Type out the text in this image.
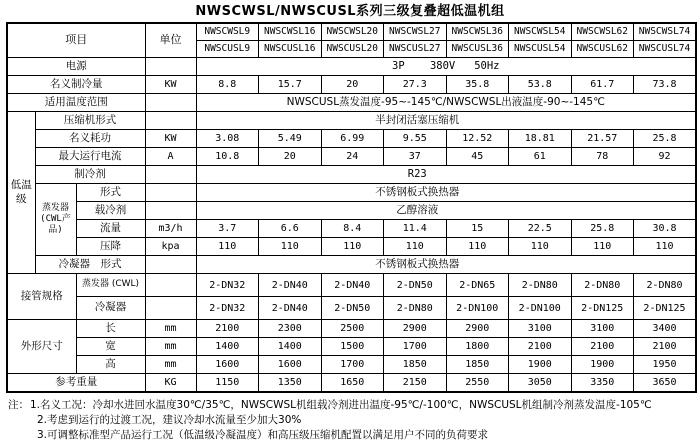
NWSCWSL/NWSCUSL系列三级复叠超低温机组
项目			单位	NWSCWSL9	NWSCWSL16	NWSCWSL20	NWSCWSL27	NWSCWSL36	NWSCWSL54	NWSCWSL62	NWSCWSL74
				NWSCUSL9	NWSCUSL16	NWSCUSL20	NWSCUSL27	NWSCUSL36	NWSCUSL54	NWSCUSL62	NWSCUSL74
电源				3P    380V   50Hz							
名义制冷量			KW	8.8	15.7	20	27.3	35.8	53.8	61.7	73.8
适用温度范围				NWSCUSL蒸发温度-95~-145℃/NWSCWSL出液温度-90~-145℃							
低温级	压缩机形式			半封闭活塞压缩机							
	名义耗功		KW	3.08	5.49	6.99	9.55	12.52	18.81	21.57	25.8
	最大运行电流		A	10.8	20	24	37	45	61	78	92
	制冷剂			R23							
	蒸发器 (CWL产品)	形式		不锈钢板式换热器							
		载冷剂		乙醇溶液							
		流量	m3/h	3.7	6.6	8.4	11.4	15	22.5	25.8	30.8
		压降	kpa	110	110	110	110	110	110	110	110
	冷凝器　形式			不锈钢板式换热器							
接管规格		蒸发器 (CWL)		2-DN32	2-DN40	2-DN40	2-DN50	2-DN65	2-DN80	2-DN80	2-DN80
		冷凝器		2-DN32	2-DN40	2-DN50	2-DN80	2-DN100	2-DN100	2-DN125	2-DN125
外形尺寸		长	mm	2100	2300	2500	2900	2900	3100	3100	3400
		宽	mm	1400	1400	1500	1700	1800	2100	2100	2100
		高	mm	1600	1600	1700	1850	1850	1900	1900	1950
参考重量			KG	1150	1350	1650	2150	2550	3050	3350	3650
注： 1.名义工况：冷却水进回水温度30℃/35℃，NWSCWSL机组载冷剂进出温度-95℃/-100℃，NWSCUSL机组制冷剂蒸发温度-105℃
2.考虑到运行的过渡工况，建议冷却水流量至少加大30%
3.可调整标准型产品运行工况（低温级冷凝温度）和高压级压缩机配置以满足用户不同的负荷要求
